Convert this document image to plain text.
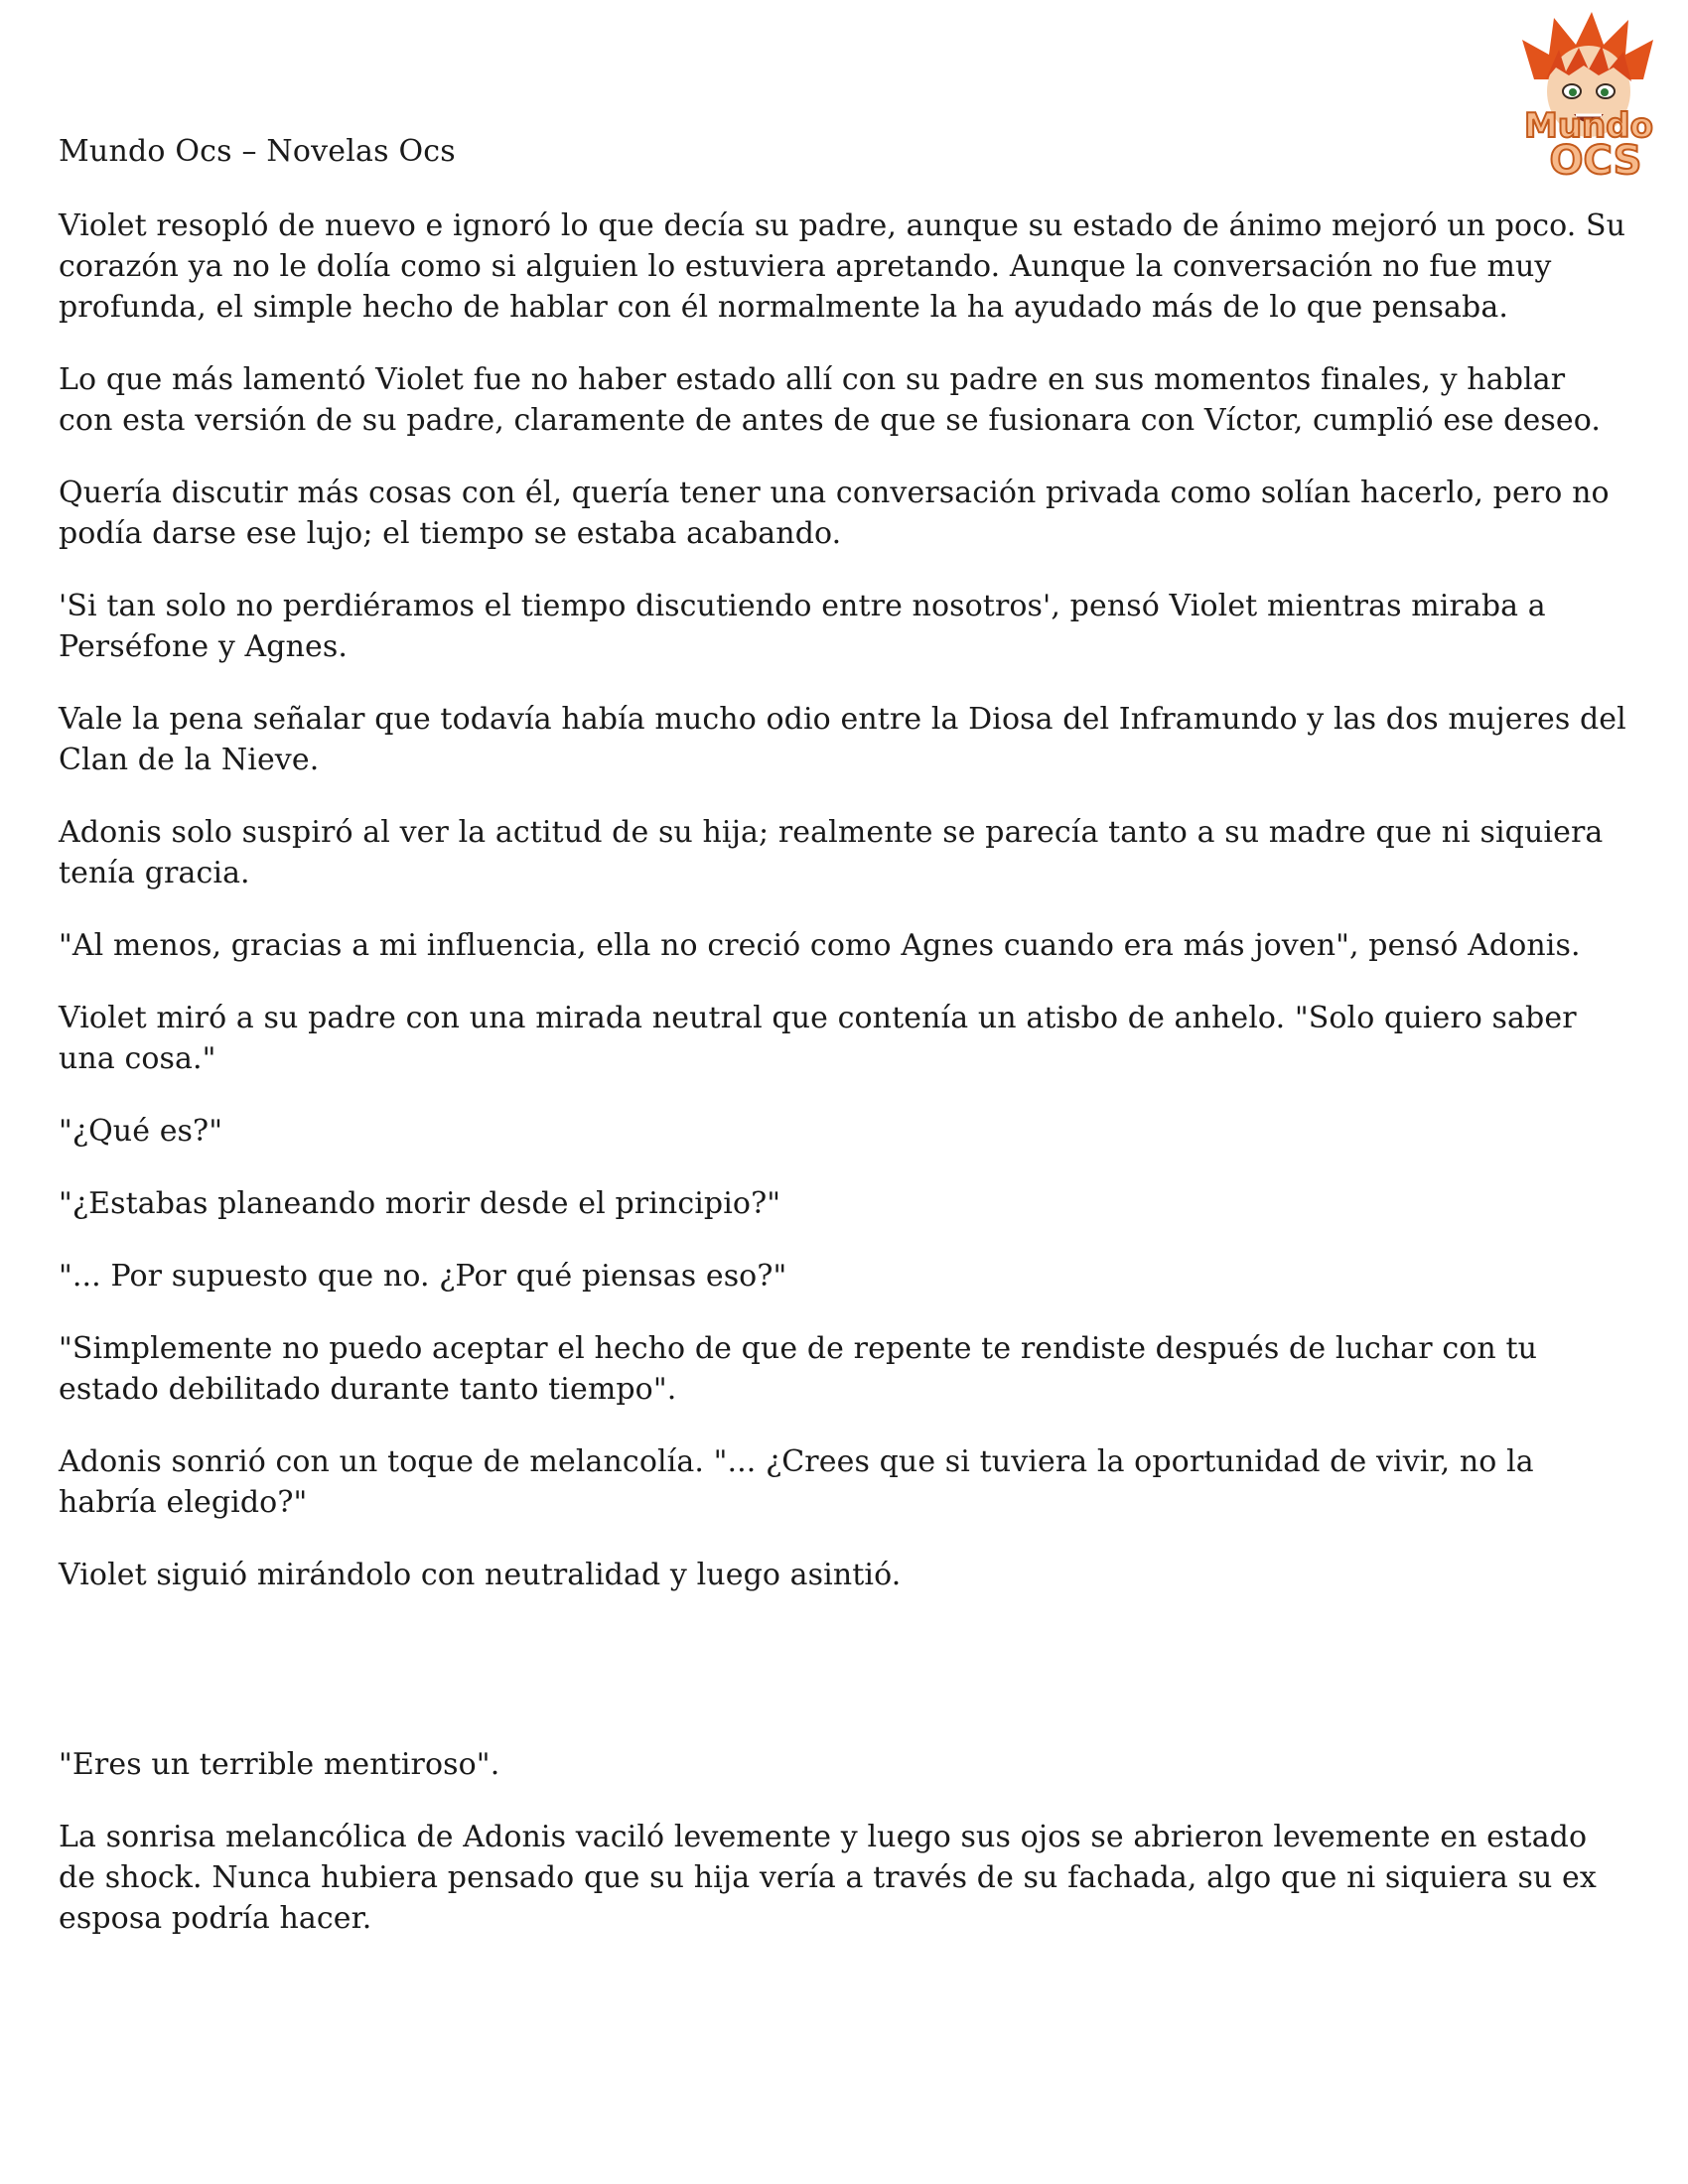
Mundo
OCS
Mundo Ocs – Novelas Ocs

Violet resopló de nuevo e ignoró lo que decía su padre, aunque su estado de ánimo mejoró un poco. Su corazón ya no le dolía como si alguien lo estuviera apretando. Aunque la conversación no fue muy profunda, el simple hecho de hablar con él normalmente la ha ayudado más de lo que pensaba.

Lo que más lamentó Violet fue no haber estado allí con su padre en sus momentos finales, y hablar con esta versión de su padre, claramente de antes de que se fusionara con Víctor, cumplió ese deseo.

Quería discutir más cosas con él, quería tener una conversación privada como solían hacerlo, pero no podía darse ese lujo; el tiempo se estaba acabando.

'Si tan solo no perdiéramos el tiempo discutiendo entre nosotros', pensó Violet mientras miraba a Perséfone y Agnes.

Vale la pena señalar que todavía había mucho odio entre la Diosa del Inframundo y las dos mujeres del Clan de la Nieve.

Adonis solo suspiró al ver la actitud de su hija; realmente se parecía tanto a su madre que ni siquiera tenía gracia.

"Al menos, gracias a mi influencia, ella no creció como Agnes cuando era más joven", pensó Adonis.

Violet miró a su padre con una mirada neutral que contenía un atisbo de anhelo. "Solo quiero saber una cosa."

"¿Qué es?"

"¿Estabas planeando morir desde el principio?"

"... Por supuesto que no. ¿Por qué piensas eso?"

"Simplemente no puedo aceptar el hecho de que de repente te rendiste después de luchar con tu estado debilitado durante tanto tiempo".

Adonis sonrió con un toque de melancolía. "... ¿Crees que si tuviera la oportunidad de vivir, no la habría elegido?"

Violet siguió mirándolo con neutralidad y luego asintió.

"Eres un terrible mentiroso".

La sonrisa melancólica de Adonis vaciló levemente y luego sus ojos se abrieron levemente en estado de shock. Nunca hubiera pensado que su hija vería a través de su fachada, algo que ni siquiera su ex esposa podría hacer.
